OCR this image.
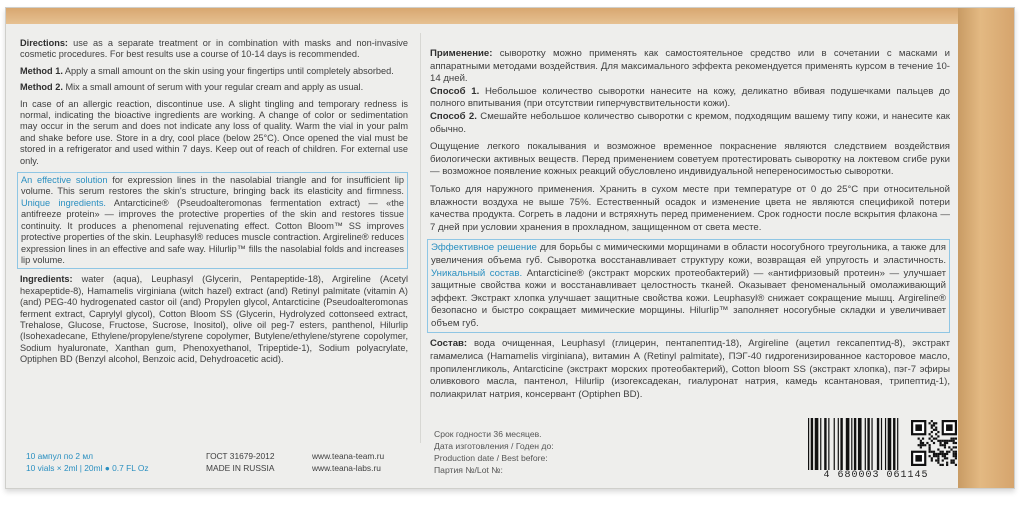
Directions: use as a separate treatment or in combination with masks and non-invasive cosmetic procedures. For best results use a course of 10-14 days is recommended.

Method 1. Apply a small amount on the skin using your fingertips until completely absorbed.

Method 2. Mix a small amount of serum with your regular cream and apply as usual.

In case of an allergic reaction, discontinue use. A slight tingling and temporary redness is normal, indicating the bioactive ingredients are working. A change of color or sedimentation may occur in the serum and does not indicate any loss of quality. Warm the vial in your palm and shake before use. Store in a dry, cool place (below 25°C). Once opened the vial must be stored in a refrigerator and used within 7 days. Keep out of reach of children. For external use only.

An effective solution for expression lines in the nasolabial triangle and for insufficient lip volume. This serum restores the skin's structure, bringing back its elasticity and firmness. Unique ingredients. Antarcticine® (Pseudoalteromonas fermentation extract) — «the antifreeze protein» — improves the protective properties of the skin and restores tissue continuity. It produces a phenomenal rejuvenating effect. Cotton Bloom™ SS improves protective properties of the skin. Leuphasyl® reduces muscle contraction. Argireline® reduces expression lines in an effective and safe way. Hilurlip™ fills the nasolabial folds and increases lip volume.

Ingredients: water (aqua), Leuphasyl (Glycerin, Pentapeptide-18), Argireline (Acetyl hexapeptide-8), Hamamelis virginiana (witch hazel) extract (and) Retinyl palmitate (vitamin A) (and) PEG-40 hydrogenated castor oil (and) Propylen glycol, Antarcticine (Pseudoalteromonas ferment extract, Caprylyl glycol), Cotton Bloom SS (Glycerin, Hydrolyzed cottonseed extract, Trehalose, Glucose, Fructose, Sucrose, Inositol), olive oil peg-7 esters, panthenol, Hilurlip (Isohexadecane, Ethylene/propylene/styrene copolymer, Butylene/ethylene/styrene copolymer, Sodium hyaluronate, Xanthan gum, Phenoxyethanol, Tripeptide-1), Sodium polyacrylate, Optiphen BD (Benzyl alcohol, Benzoic acid, Dehydroacetic acid).

Применение: сыворотку можно применять как самостоятельное средство или в сочетании с масками и аппаратными методами воздействия. Для максимального эффекта рекомендуется применять курсом в течение 10-14 дней.
Способ 1. Небольшое количество сыворотки нанесите на кожу, деликатно вбивая подушечками пальцев до полного впитывания (при отсутствии гиперчувствительности кожи).
Способ 2. Смешайте небольшое количество сыворотки с кремом, подходящим вашему типу кожи, и нанесите как обычно.

Ощущение легкого покалывания и возможное временное покраснение являются следствием воздействия биологически активных веществ. Перед применением советуем протестировать сыворотку на локтевом сгибе руки — возможное появление кожных реакций обусловлено индивидуальной непереносимостью сыворотки.

Только для наружного применения. Хранить в сухом месте при температуре от 0 до 25°С при относительной влажности воздуха не выше 75%. Естественный осадок и изменение цвета не являются спецификой потери качества продукта. Согреть в ладони и встряхнуть перед применением. Срок годности после вскрытия флакона — 7 дней при условии хранения в прохладном, защищенном от света месте.

Эффективное решение для борьбы с мимическими морщинами в области носогубного треугольника, а также для увеличения объема губ. Сыворотка восстанавливает структуру кожи, возвращая ей упругость и эластичность. Уникальный состав. Antarcticine® (экстракт морских протеобактерий) — «антифризовый протеин» — улучшает защитные свойства кожи и восстанавливает целостность тканей. Оказывает феноменальный омолаживающий эффект. Экстракт хлопка улучшает защитные свойства кожи. Leuphasyl® снижает сокращение мышц. Argireline® безопасно и быстро сокращает мимические морщины. Hilurlip™ заполняет носогубные складки и увеличивает объем губ.

Состав: вода очищенная, Leuphasyl (глицерин, пентапептид-18), Argireline (ацетил гексапептид-8), экстракт гамамелиса (Hamamelis virginiana), витамин А (Retinyl palmitate), ПЭГ-40 гидрогенизированное касторовое масло, пропиленгликоль, Antarcticine (экстракт морских протеобактерий), Cotton bloom SS (экстракт хлопка), пэг-7 эфиры оливкового масла, пантенол, Hilurlip (изогексадекан, гиалуронат натрия, камедь ксантановая, трипептид-1), полиакрилат натрия, консервант (Optiphen BD).

10 ампул по 2 мл
10 vials × 2ml | 20ml ● 0.7 FL Oz
ГОСТ 31679-2012
MADE IN RUSSIA
www.teana-team.ru
www.teana-labs.ru
Срок годности 36 месяцев.
Дата изготовления / Годен до:
Production date / Best before:
Партия №/Lot №:	4 680003 061145
